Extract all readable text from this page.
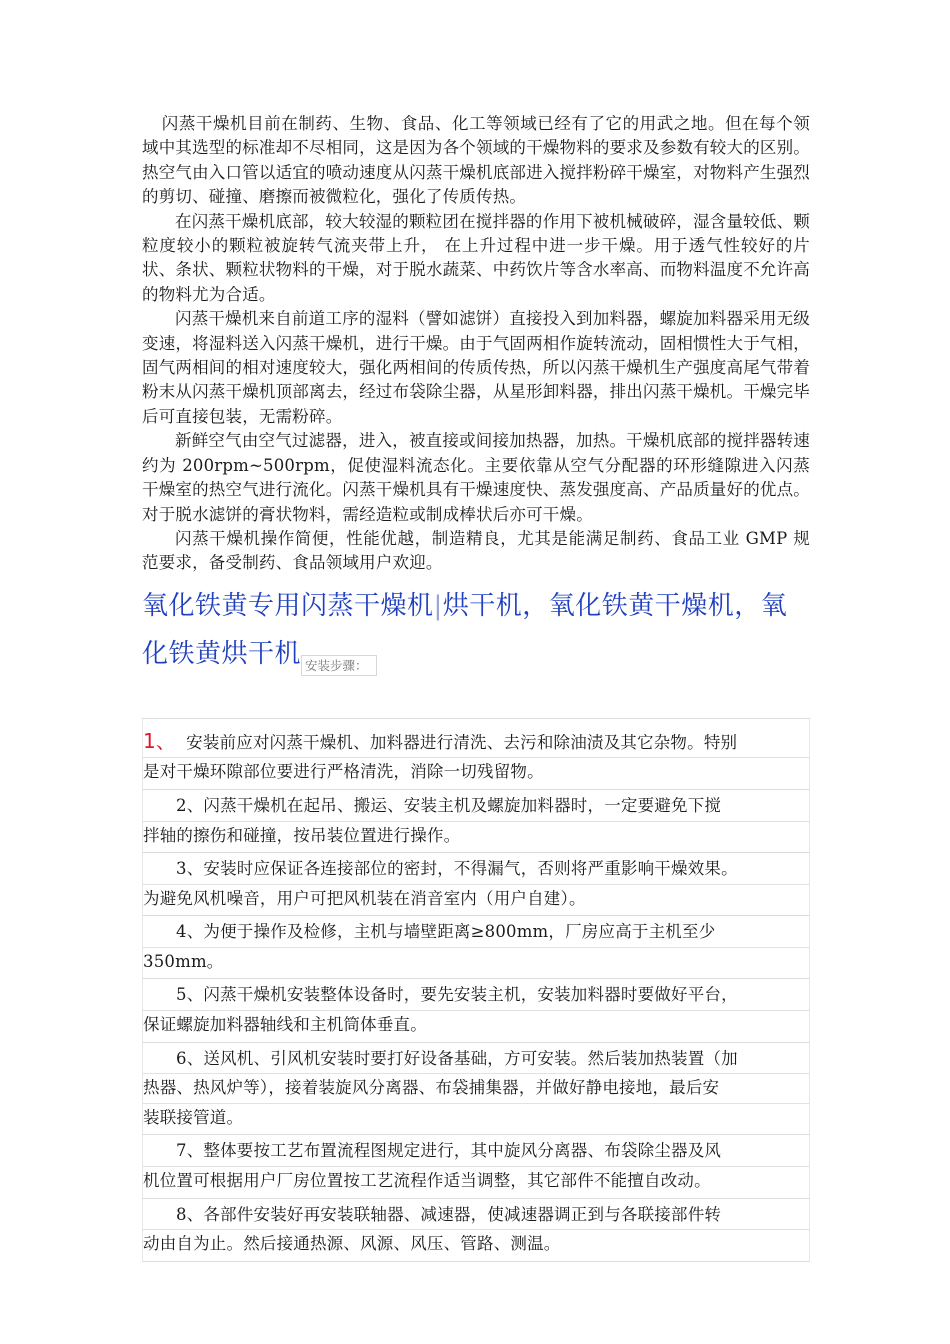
闪蒸干燥机目前在制药、生物、食品、化工等领域已经有了它的用武之地。但在每个领域中其选型的标准却不尽相同，这是因为各个领域的干燥物料的要求及参数有较大的区别。热空气由入口管以适宜的喷动速度从闪蒸干燥机底部进入搅拌粉碎干燥室，对物料产生强烈的剪切、碰撞、磨擦而被微粒化，强化了传质传热。

在闪蒸干燥机底部，较大较湿的颗粒团在搅拌器的作用下被机械破碎，湿含量较低、颗粒度较小的颗粒被旋转气流夹带上升， 在上升过程中进一步干燥。用于透气性较好的片状、条状、颗粒状物料的干燥，对于脱水蔬菜、中药饮片等含水率高、而物料温度不允许高的物料尤为合适。

闪蒸干燥机来自前道工序的湿料（譬如滤饼）直接投入到加料器，螺旋加料器采用无级变速，将湿料送入闪蒸干燥机，进行干燥。由于气固两相作旋转流动，固相惯性大于气相，固气两相间的相对速度较大，强化两相间的传质传热，所以闪蒸干燥机生产强度高尾气带着粉末从闪蒸干燥机顶部离去，经过布袋除尘器，从星形卸料器，排出闪蒸干燥机。干燥完毕后可直接包装，无需粉碎。

新鲜空气由空气过滤器，进入，被直接或间接加热器，加热。干燥机底部的搅拌器转速约为 200rpm~500rpm，促使湿料流态化。主要依靠从空气分配器的环形缝隙进入闪蒸干燥室的热空气进行流化。闪蒸干燥机具有干燥速度快、蒸发强度高、产品质量好的优点。对于脱水滤饼的膏状物料，需经造粒或制成棒状后亦可干燥。

闪蒸干燥机操作简便，性能优越，制造精良，尤其是能满足制药、食品工业 GMP 规范要求，备受制药、食品领域用户欢迎。

氧化铁黄专用闪蒸干燥机|烘干机，氧化铁黄干燥机，氧化铁黄烘干机 $_{安装步骤:}$
1、 安装前应对闪蒸干燥机、加料器进行清洗、去污和除油渍及其它杂物。特别
是对干燥环隙部位要进行严格清洗，消除一切残留物。
2、闪蒸干燥机在起吊、搬运、安装主机及螺旋加料器时，一定要避免下搅
拌轴的擦伤和碰撞，按吊装位置进行操作。
3、安装时应保证各连接部位的密封，不得漏气，否则将严重影响干燥效果。
为避免风机噪音，用户可把风机装在消音室内（用户自建）。
4、为便于操作及检修，主机与墙壁距离≥800mm，厂房应高于主机至少
350mm。
5、闪蒸干燥机安装整体设备时，要先安装主机，安装加料器时要做好平台，
保证螺旋加料器轴线和主机筒体垂直。
6、送风机、引风机安装时要打好设备基础，方可安装。然后装加热装置（加
热器、热风炉等），接着装旋风分离器、布袋捕集器，并做好静电接地，最后安
装联接管道。
7、整体要按工艺布置流程图规定进行，其中旋风分离器、布袋除尘器及风
机位置可根据用户厂房位置按工艺流程作适当调整，其它部件不能擅自改动。
8、各部件安装好再安装联轴器、减速器，使减速器调正到与各联接部件转
动由自为止。然后接通热源、风源、风压、管路、测温。
